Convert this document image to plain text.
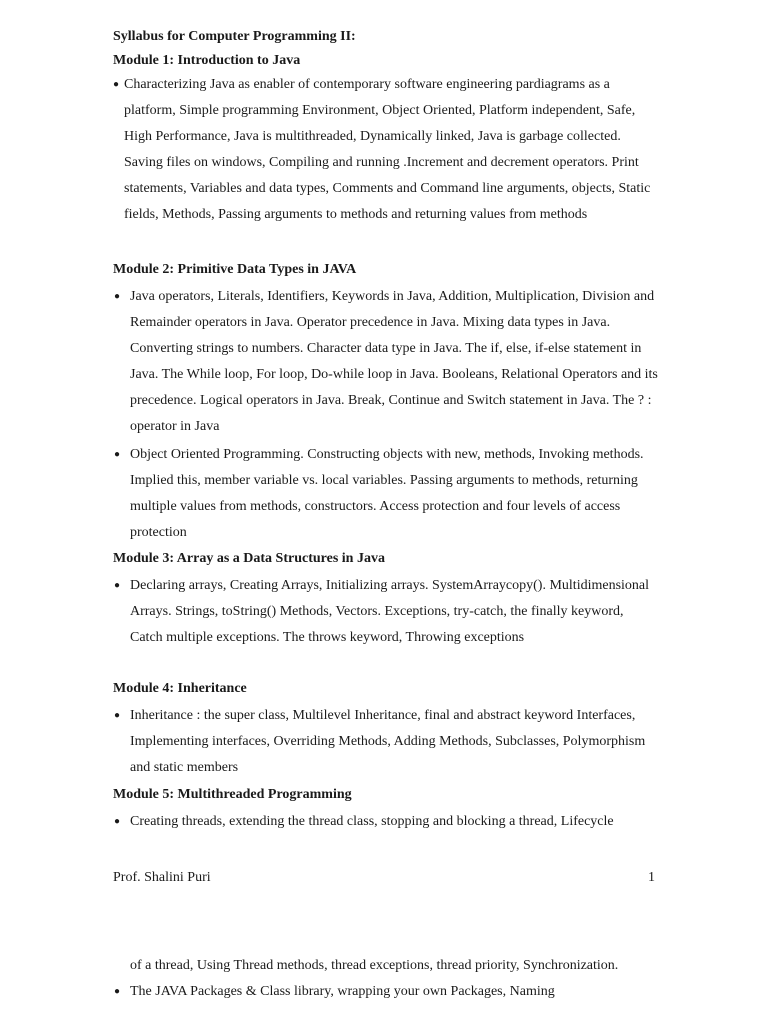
Syllabus for Computer Programming II:
Module 1: Introduction to Java
● Characterizing Java as enabler of contemporary software engineering pardiagrams as a platform, Simple programming Environment, Object Oriented, Platform independent, Safe, High Performance, Java is multithreaded, Dynamically linked, Java is garbage collected. Saving files on windows, Compiling and running .Increment and decrement operators. Print statements, Variables and data types, Comments and Command line arguments, objects, Static fields, Methods, Passing arguments to methods and returning values from methods
Module 2: Primitive Data Types in JAVA
● Java operators, Literals, Identifiers, Keywords in Java, Addition, Multiplication, Division and Remainder operators in Java. Operator precedence in Java. Mixing data types in Java. Converting strings to numbers. Character data type in Java. The if, else, if-else statement in Java. The While loop, For loop, Do-while loop in Java. Booleans, Relational Operators and its precedence. Logical operators in Java. Break, Continue and Switch statement in Java. The ? : operator in Java
● Object Oriented Programming. Constructing objects with new, methods, Invoking methods. Implied this, member variable vs. local variables. Passing arguments to methods, returning multiple values from methods, constructors. Access protection and four levels of access protection
Module 3: Array as a Data Structures in Java
● Declaring arrays, Creating Arrays, Initializing arrays. SystemArraycopy(). Multidimensional Arrays. Strings, toString() Methods, Vectors. Exceptions, try-catch, the finally keyword, Catch multiple exceptions. The throws keyword, Throwing exceptions
Module 4: Inheritance
● Inheritance : the super class, Multilevel Inheritance, final and abstract keyword Interfaces, Implementing interfaces, Overriding Methods, Adding Methods, Subclasses, Polymorphism and static members
Module 5: Multithreaded Programming
● Creating threads, extending the thread class, stopping and blocking a thread, Lifecycle
Prof. Shalini Puri	1
of a thread, Using Thread methods, thread exceptions, thread priority, Synchronization.
● The JAVA Packages & Class library, wrapping your own Packages, Naming
